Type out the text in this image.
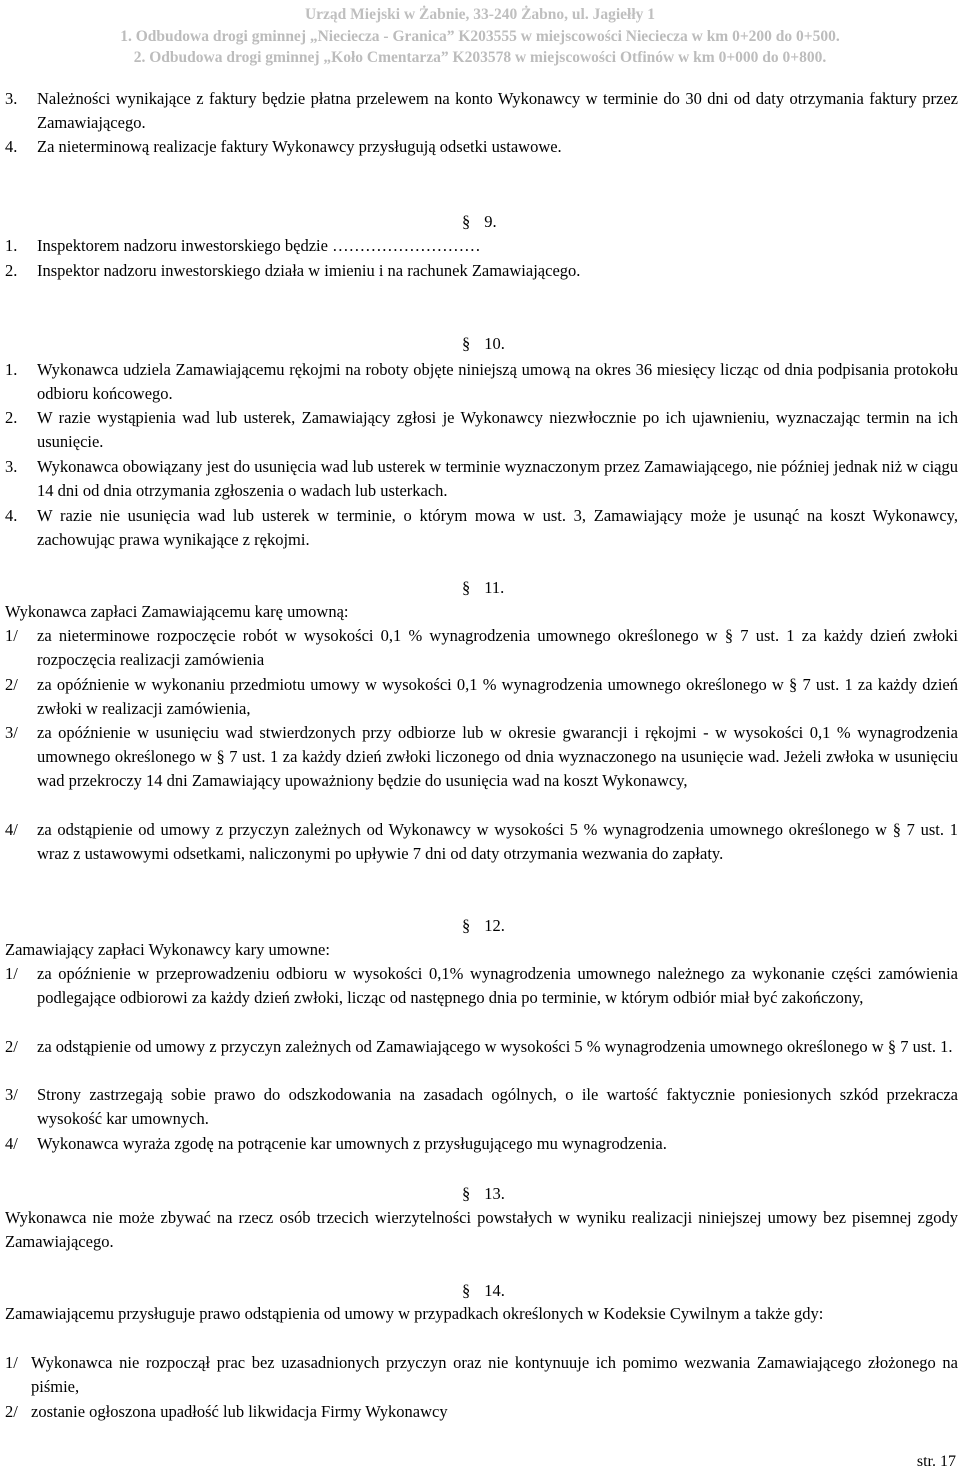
Urząd Miejski w Żabnie, 33-240 Żabno, ul. Jagiełły 1
1. Odbudowa drogi gminnej „Niecieczа - Granica” K203555 w miejscowości Nieciecza w km 0+200 do 0+500.
2. Odbudowa drogi gminnej „Koło Cmentarza” K203578 w miejscowości Otfinów w km 0+000 do 0+800.
3. Należności wynikające z faktury będzie płatna przelewem na konto Wykonawcy w terminie do 30 dni od daty otrzymania faktury przez Zamawiającego.
4. Za nieterminową realizacje faktury Wykonawcy przysługują odsetki ustawowe.
§ 9.
1. Inspektorem nadzoru inwestorskiego będzie ………………………
2. Inspektor nadzoru inwestorskiego działa w imieniu i na rachunek Zamawiającego.
§ 10.
1. Wykonawca udziela Zamawiającemu rękojmi na roboty objęte niniejszą umową na okres 36 miesięcy licząc od dnia podpisania protokołu odbioru końcowego.
2. W razie wystąpienia wad lub usterek, Zamawiający zgłosi je Wykonawcy niezwłocznie po ich ujawnieniu, wyznaczając termin na ich usunięcie.
3. Wykonawca obowiązany jest do usunięcia wad lub usterek w terminie wyznaczonym przez Zamawiającego, nie później jednak niż w ciągu 14 dni od dnia otrzymania zgłoszenia o wadach lub usterkach.
4. W razie nie usunięcia wad lub usterek w terminie, o którym mowa w ust. 3, Zamawiający może je usunąć na koszt Wykonawcy, zachowując prawa wynikające z rękojmi.
§ 11.
Wykonawca zapłaci Zamawiającemu karę umowną:
1/ za nieterminowe rozpoczęcie robót w wysokości 0,1 % wynagrodzenia umownego określonego w § 7 ust. 1 za każdy dzień zwłoki rozpoczęcia realizacji zamówienia
2/ za opóźnienie w wykonaniu przedmiotu umowy w wysokości 0,1 % wynagrodzenia umownego określonego w § 7 ust. 1 za każdy dzień zwłoki w realizacji zamówienia,
3/ za opóźnienie w usunięciu wad stwierdzonych przy odbiorze lub w okresie gwarancji i rękojmi - w wysokości 0,1 % wynagrodzenia umownego określonego w § 7 ust. 1 za każdy dzień zwłoki liczonego od dnia wyznaczonego na usunięcie wad. Jeżeli zwłoka w usunięciu wad przekroczy 14 dni Zamawiający upoważniony będzie do usunięcia wad na koszt Wykonawcy,
4/ za odstąpienie od umowy z przyczyn zależnych od Wykonawcy w wysokości 5 % wynagrodzenia umownego określonego w § 7 ust. 1 wraz z ustawowymi odsetkami, naliczonymi po upływie 7 dni od daty otrzymania wezwania do zapłaty.
§ 12.
Zamawiający zapłaci Wykonawcy kary umowne:
1/ za opóźnienie w przeprowadzeniu odbioru w wysokości 0,1% wynagrodzenia umownego należnego za wykonanie części zamówienia podlegające odbiorowi za każdy dzień zwłoki, licząc od następnego dnia po terminie, w którym odbiór miał być zakończony,
2/ za odstąpienie od umowy z przyczyn zależnych od Zamawiającego w wysokości 5 % wynagrodzenia umownego określonego w § 7 ust. 1.
3/ Strony zastrzegają sobie prawo do odszkodowania na zasadach ogólnych, o ile wartość faktycznie poniesionych szkód przekracza wysokość kar umownych.
4/ Wykonawca wyraża zgodę na potrącenie kar umownych z przysługującego mu wynagrodzenia.
§ 13.
Wykonawca nie może zbywać na rzecz osób trzecich wierzytelności powstałych w wyniku realizacji niniejszej umowy bez pisemnej zgody Zamawiającego.
§ 14.
Zamawiającemu przysługuje prawo odstąpienia od umowy w przypadkach określonych w Kodeksie Cywilnym a także gdy:
1/ Wykonawca nie rozpoczął prac bez uzasadnionych przyczyn oraz nie kontynuuje ich pomimo wezwania Zamawiającego złożonego na piśmie,
2/ zostanie ogłoszona upadłość lub likwidacja Firmy Wykonawcy
str. 17
